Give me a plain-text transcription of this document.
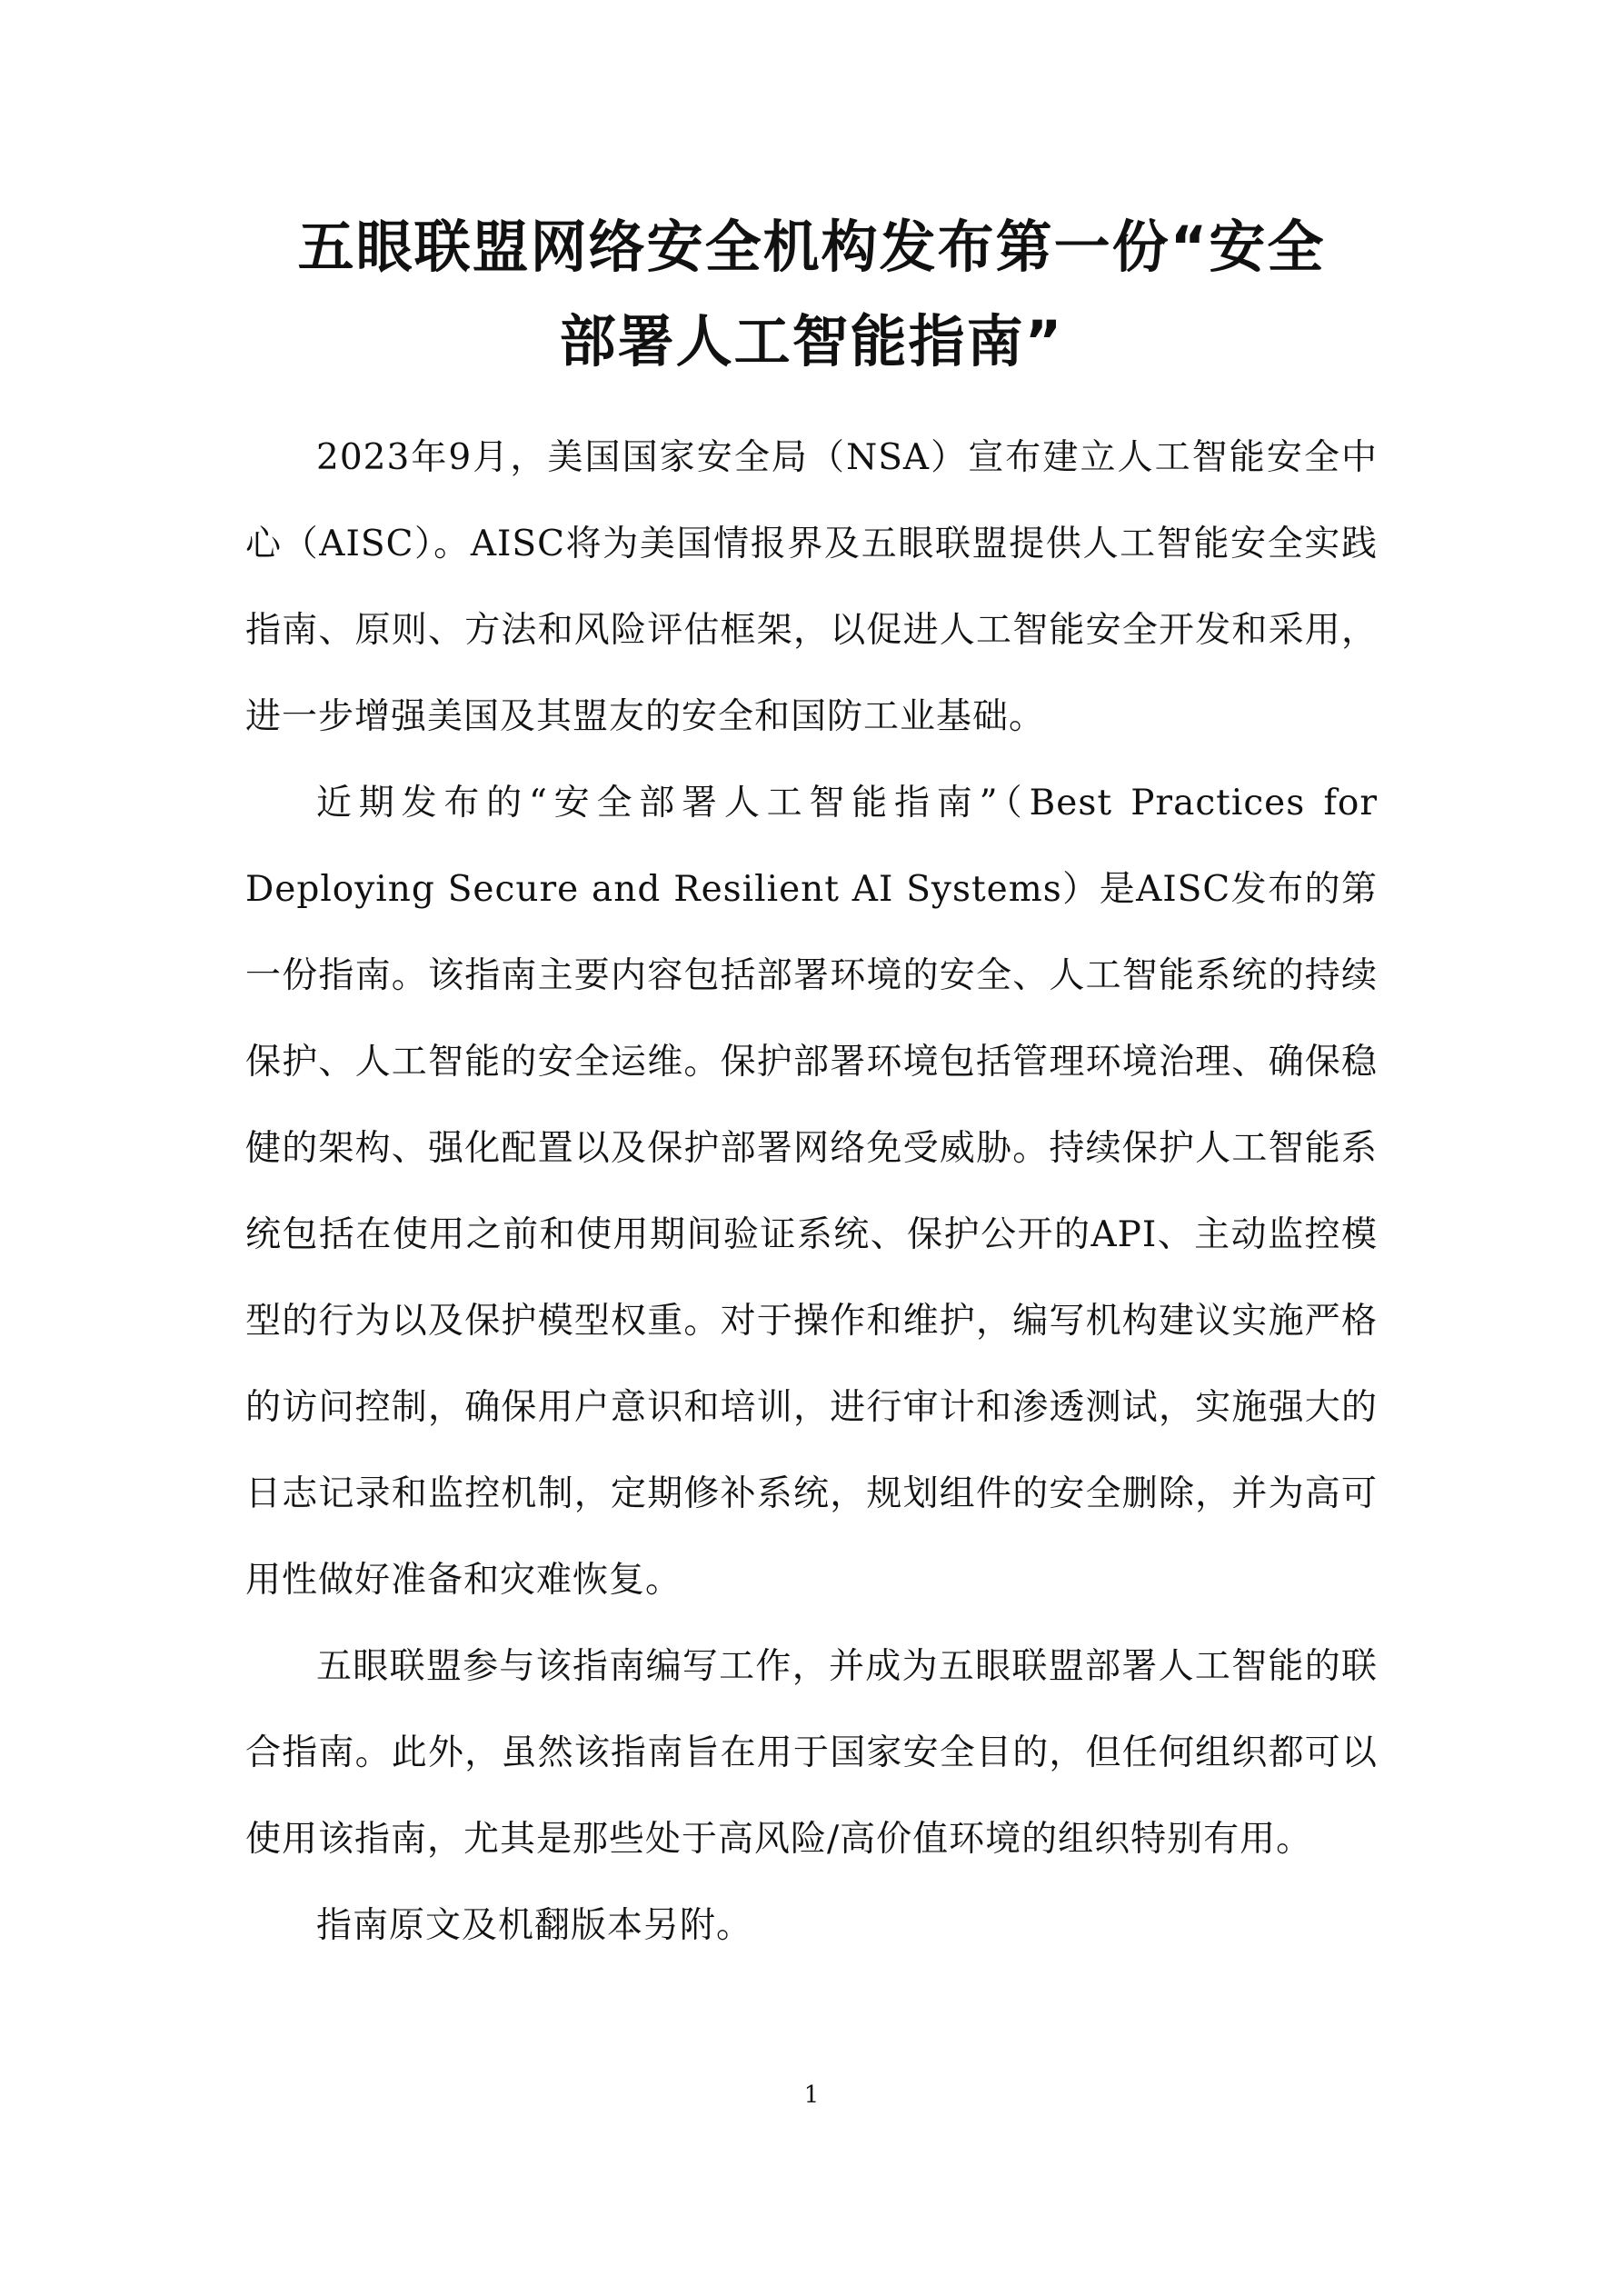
五眼联盟网络安全机构发布第一份“安全
部署人工智能指南”

2023年9月，美国国家安全局（NSA）宣布建立人工智能安全中心（AISC）。AISC将为美国情报界及五眼联盟提供人工智能安全实践指南、原则、方法和风险评估框架，以促进人工智能安全开发和采用，进一步增强美国及其盟友的安全和国防工业基础。

近期发布的“安全部署人工智能指南”（Best Practices for Deploying Secure and Resilient AI Systems）是AISC发布的第一份指南。该指南主要内容包括部署环境的安全、人工智能系统的持续保护、人工智能的安全运维。保护部署环境包括管理环境治理、确保稳健的架构、强化配置以及保护部署网络免受威胁。持续保护人工智能系统包括在使用之前和使用期间验证系统、保护公开的API、主动监控模型的行为以及保护模型权重。对于操作和维护，编写机构建议实施严格的访问控制，确保用户意识和培训，进行审计和渗透测试，实施强大的日志记录和监控机制，定期修补系统，规划组件的安全删除，并为高可用性做好准备和灾难恢复。

五眼联盟参与该指南编写工作，并成为五眼联盟部署人工智能的联合指南。此外，虽然该指南旨在用于国家安全目的，但任何组织都可以使用该指南，尤其是那些处于高风险/高价值环境的组织特别有用。

指南原文及机翻版本另附。

1
